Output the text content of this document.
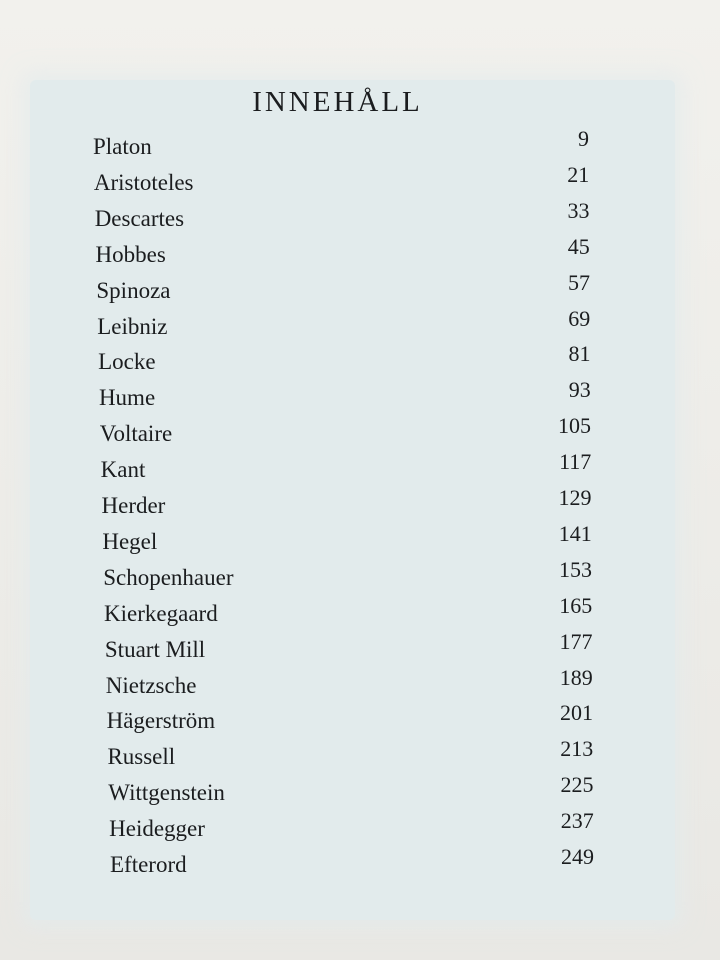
INNEHÅLL
Platon	9
Aristoteles	21
Descartes	33
Hobbes	45
Spinoza	57
Leibniz	69
Locke	81
Hume	93
Voltaire	105
Kant	117
Herder	129
Hegel	141
Schopenhauer	153
Kierkegaard	165
Stuart Mill	177
Nietzsche	189
Hägerström	201
Russell	213
Wittgenstein	225
Heidegger	237
Efterord	249
